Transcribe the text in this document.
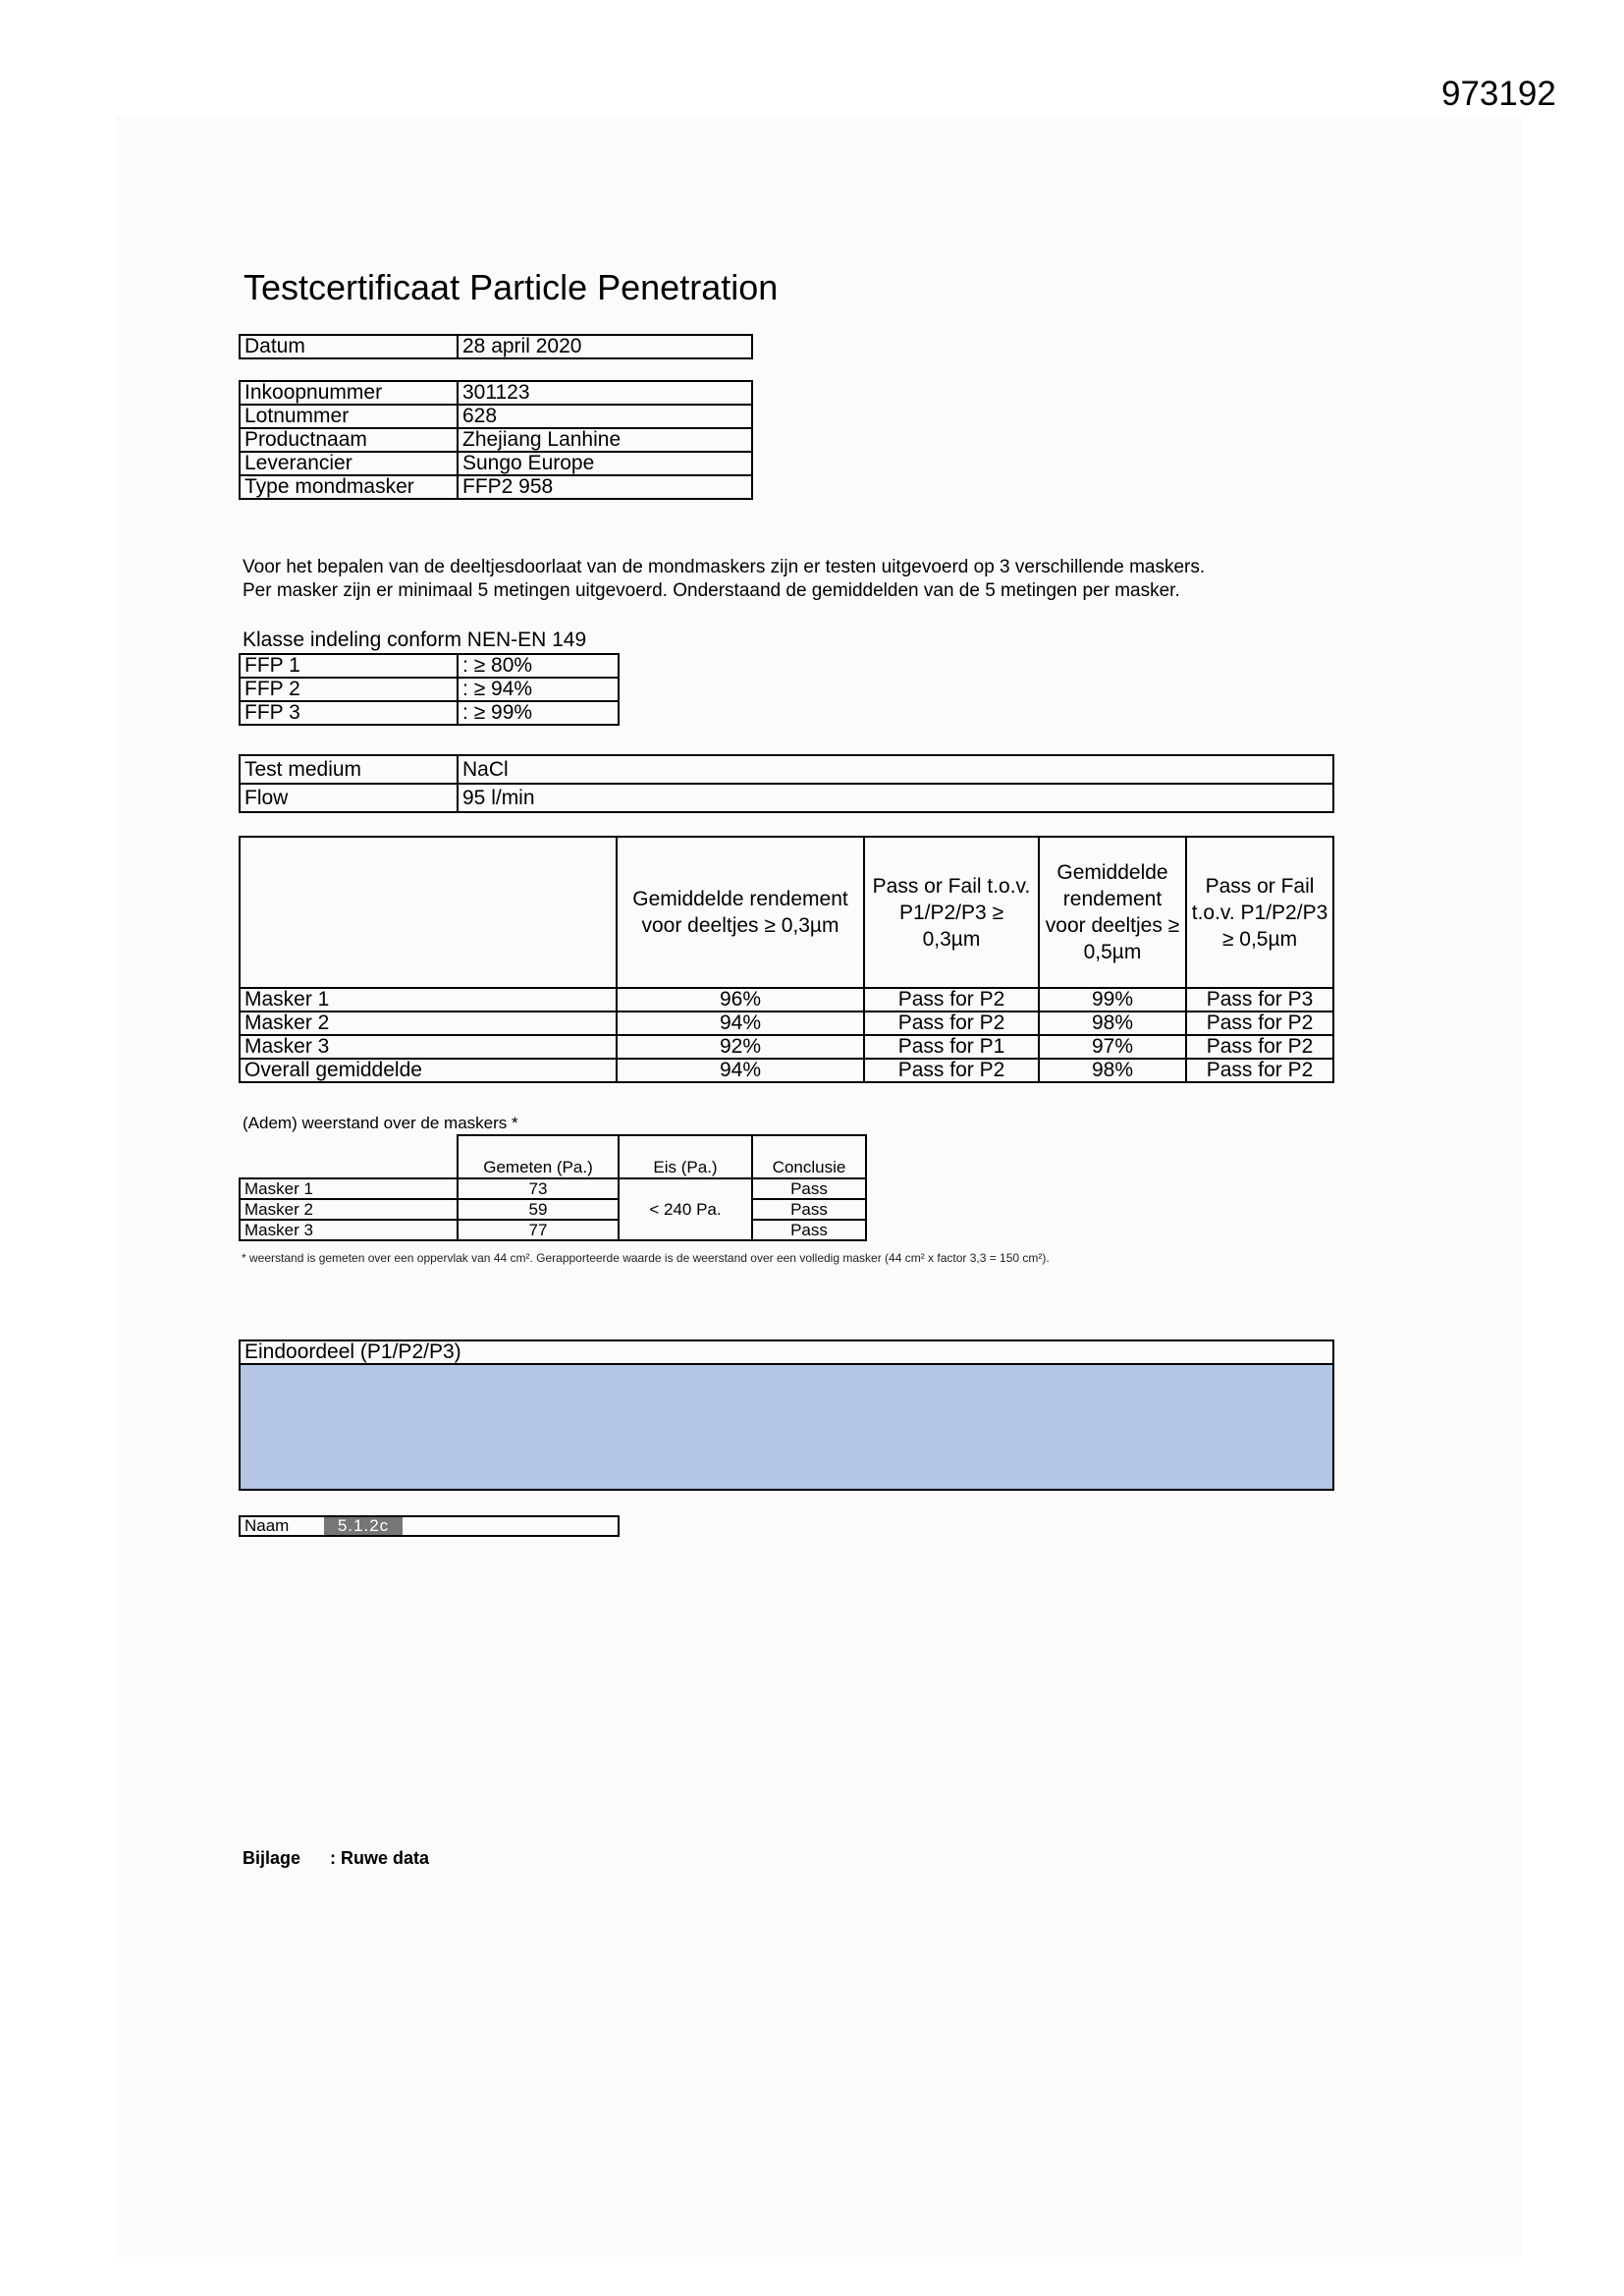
973192
Testcertificaat Particle Penetration
Datum	28 april 2020
Inkoopnummer	301123
Lotnummer	628
Productnaam	Zhejiang Lanhine
Leverancier	Sungo Europe
Type mondmasker	FFP2 958
Voor het bepalen van de deeltjesdoorlaat van de mondmaskers zijn er testen uitgevoerd op 3 verschillende maskers.
Per masker zijn er minimaal 5 metingen uitgevoerd. Onderstaand de gemiddelden van de 5 metingen per masker.
Klasse indeling conform NEN-EN 149
FFP 1	: ≥ 80%
FFP 2	: ≥ 94%
FFP 3	: ≥ 99%
Test medium	NaCl
Flow	95 l/min
	Gemiddelde rendement voor deeltjes ≥ 0,3µm	Pass or Fail t.o.v. P1/P2/P3 ≥ 0,3µm	Gemiddelde rendement voor deeltjes ≥ 0,5µm	Pass or Fail t.o.v. P1/P2/P3 ≥ 0,5µm
Masker 1	96%	Pass for P2	99%	Pass for P3
Masker 2	94%	Pass for P2	98%	Pass for P2
Masker 3	92%	Pass for P1	97%	Pass for P2
Overall gemiddelde	94%	Pass for P2	98%	Pass for P2
(Adem) weerstand over de maskers *
	Gemeten (Pa.)	Eis (Pa.)	Conclusie
Masker 1	73	< 240 Pa.	Pass
Masker 2	59		Pass
Masker 3	77		Pass
* weerstand is gemeten over een oppervlak van 44 cm². Gerapporteerde waarde is de weerstand over een volledig masker (44 cm² x factor 3,3 = 150 cm²).
Eindoordeel (P1/P2/P3)

Naam	5.1.2c	
Bijlage : Ruwe data
